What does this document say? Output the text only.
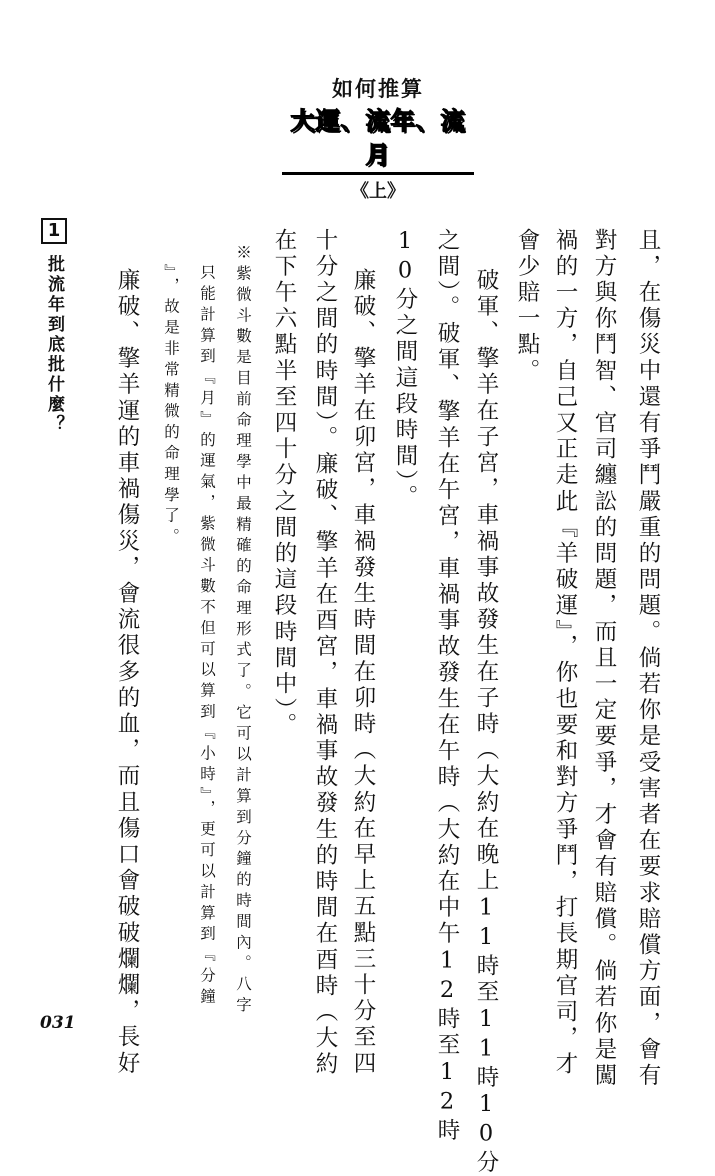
如何推算
大運、流年、流月
《上》
且，在傷災中還有爭鬥嚴重的問題。倘若你是受害者在要求賠償方面，會有
對方與你鬥智、官司纏訟的問題，而且一定要爭，才會有賠償。倘若你是闖
禍的一方，自己又正走此『羊破運』，你也要和對方爭鬥，打長期官司，才
會少賠一點。
破軍、擎羊在子宮，車禍事故發生在子時（大約在晚上11時至11時10分
之間）。破軍、擎羊在午宮，車禍事故發生在午時（大約在中午12時至12時
10分之間這段時間）。
廉破、擎羊在卯宮，車禍發生時間在卯時（大約在早上五點三十分至四
十分之間的時間）。廉破、擎羊在酉宮，車禍事故發生的時間在酉時（大約
在下午六點半至四十分之間的這段時間中）。
※紫微斗數是目前命理學中最精確的命理形式了。它可以計算到分鐘的時間內。八字
只能計算到『月』的運氣，紫微斗數不但可以算到『小時』，更可以計算到『分鐘
』，故是非常精微的命理學了。
廉破、擎羊運的車禍傷災，會流很多的血，而且傷口會破破爛爛，長好
1
批流年到底批什麼？
031
